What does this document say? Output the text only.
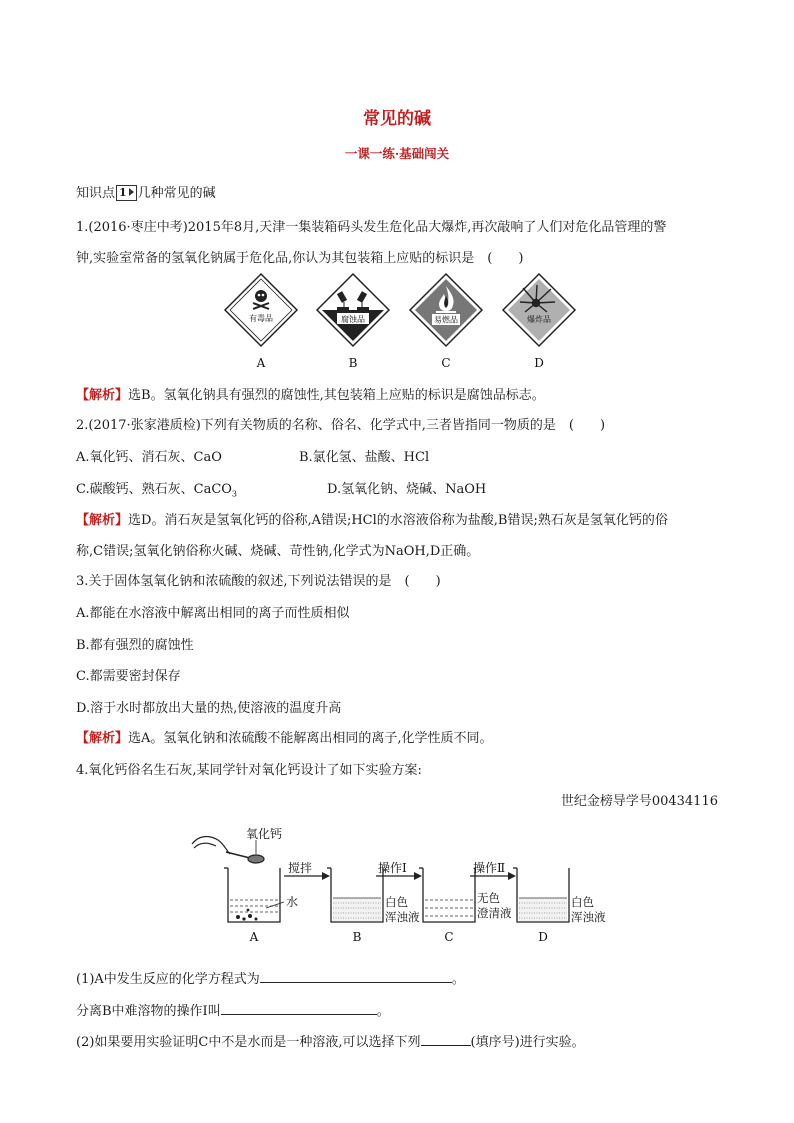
常见的碱
一课一练·基础闯关
知识点 1 几种常见的碱
1.(2016·枣庄中考)2015年8月,天津一集装箱码头发生危化品大爆炸,再次敲响了人们对危化品管理的警
钟,实验室常备的氢氧化钠属于危化品,你认为其包装箱上应贴的标识是　(　　)
有毒品	腐蚀品	易燃品	爆炸品
A	B	C	D
【解析】选B。氢氧化钠具有强烈的腐蚀性,其包装箱上应贴的标识是腐蚀品标志。
2.(2017·张家港质检)下列有关物质的名称、俗名、化学式中,三者皆指同一物质的是　(　　)
A.氧化钙、消石灰、CaO	B.氯化氢、盐酸、HCl
C.碳酸钙、熟石灰、CaCO$_3$	D.氢氧化钠、烧碱、NaOH
【解析】选D。消石灰是氢氧化钙的俗称,A错误;HCl的水溶液俗称为盐酸,B错误;熟石灰是氢氧化钙的俗
称,C错误;氢氧化钠俗称火碱、烧碱、苛性钠,化学式为NaOH,D正确。
3.关于固体氢氧化钠和浓硫酸的叙述,下列说法错误的是　(　　)
A.都能在水溶液中解离出相同的离子而性质相似
B.都有强烈的腐蚀性
C.都需要密封保存
D.溶于水时都放出大量的热,使溶液的温度升高
【解析】选A。氢氧化钠和浓硫酸不能解离出相同的离子,化学性质不同。
4.氧化钙俗名生石灰,某同学针对氧化钙设计了如下实验方案:
世纪金榜导学号00434116
氧化钙
水
搅拌
白色
浑浊液
操作Ⅰ
无色
澄清液
操作Ⅱ
白色
浑浊液
A	B	C	D
(1)A中发生反应的化学方程式为	。
分离B中难溶物的操作Ⅰ叫	。
(2)如果要用实验证明C中不是水而是一种溶液,可以选择下列	(填序号)进行实验。
